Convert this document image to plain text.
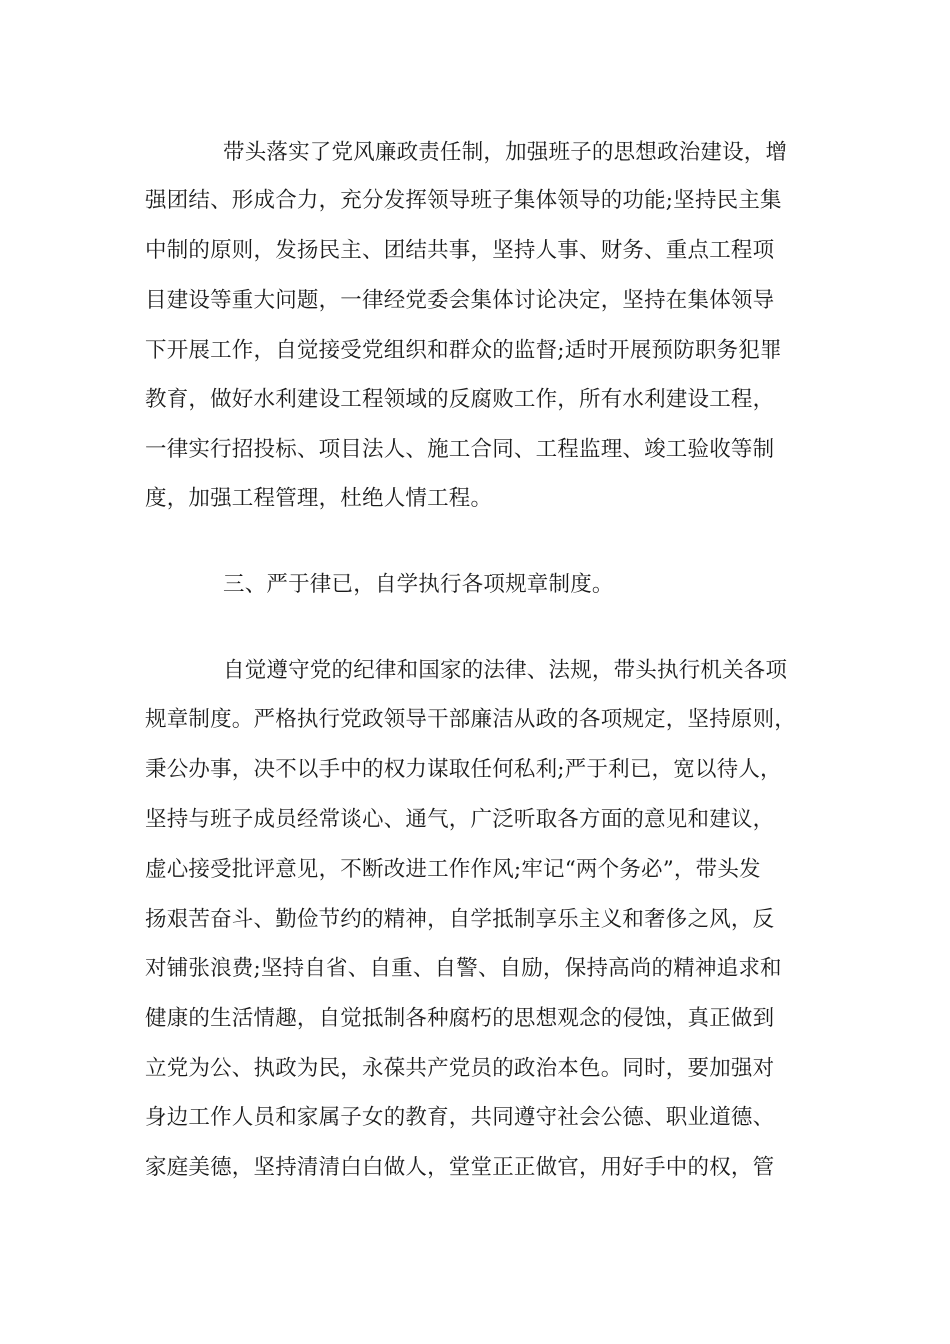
带头落实了党风廉政责任制，加强班子的思想政治建设，增
强团结、形成合力，充分发挥领导班子集体领导的功能;坚持民主集
中制的原则，发扬民主、团结共事，坚持人事、财务、重点工程项
目建设等重大问题，一律经党委会集体讨论决定，坚持在集体领导
下开展工作，自觉接受党组织和群众的监督;适时开展预防职务犯罪
教育，做好水利建设工程领域的反腐败工作，所有水利建设工程，
一律实行招投标、项目法人、施工合同、工程监理、竣工验收等制
度，加强工程管理，杜绝人情工程。
三、严于律已，自学执行各项规章制度。
自觉遵守党的纪律和国家的法律、法规，带头执行机关各项
规章制度。严格执行党政领导干部廉洁从政的各项规定，坚持原则，
秉公办事，决不以手中的权力谋取任何私利;严于利已，宽以待人，
坚持与班子成员经常谈心、通气，广泛听取各方面的意见和建议，
虚心接受批评意见，不断改进工作作风;牢记“两个务必”，带头发
扬艰苦奋斗、勤俭节约的精神，自学抵制享乐主义和奢侈之风，反
对铺张浪费;坚持自省、自重、自警、自励，保持高尚的精神追求和
健康的生活情趣，自觉抵制各种腐朽的思想观念的侵蚀，真正做到
立党为公、执政为民，永葆共产党员的政治本色。同时，要加强对
身边工作人员和家属子女的教育，共同遵守社会公德、职业道德、
家庭美德，坚持清清白白做人，堂堂正正做官，用好手中的权，管
